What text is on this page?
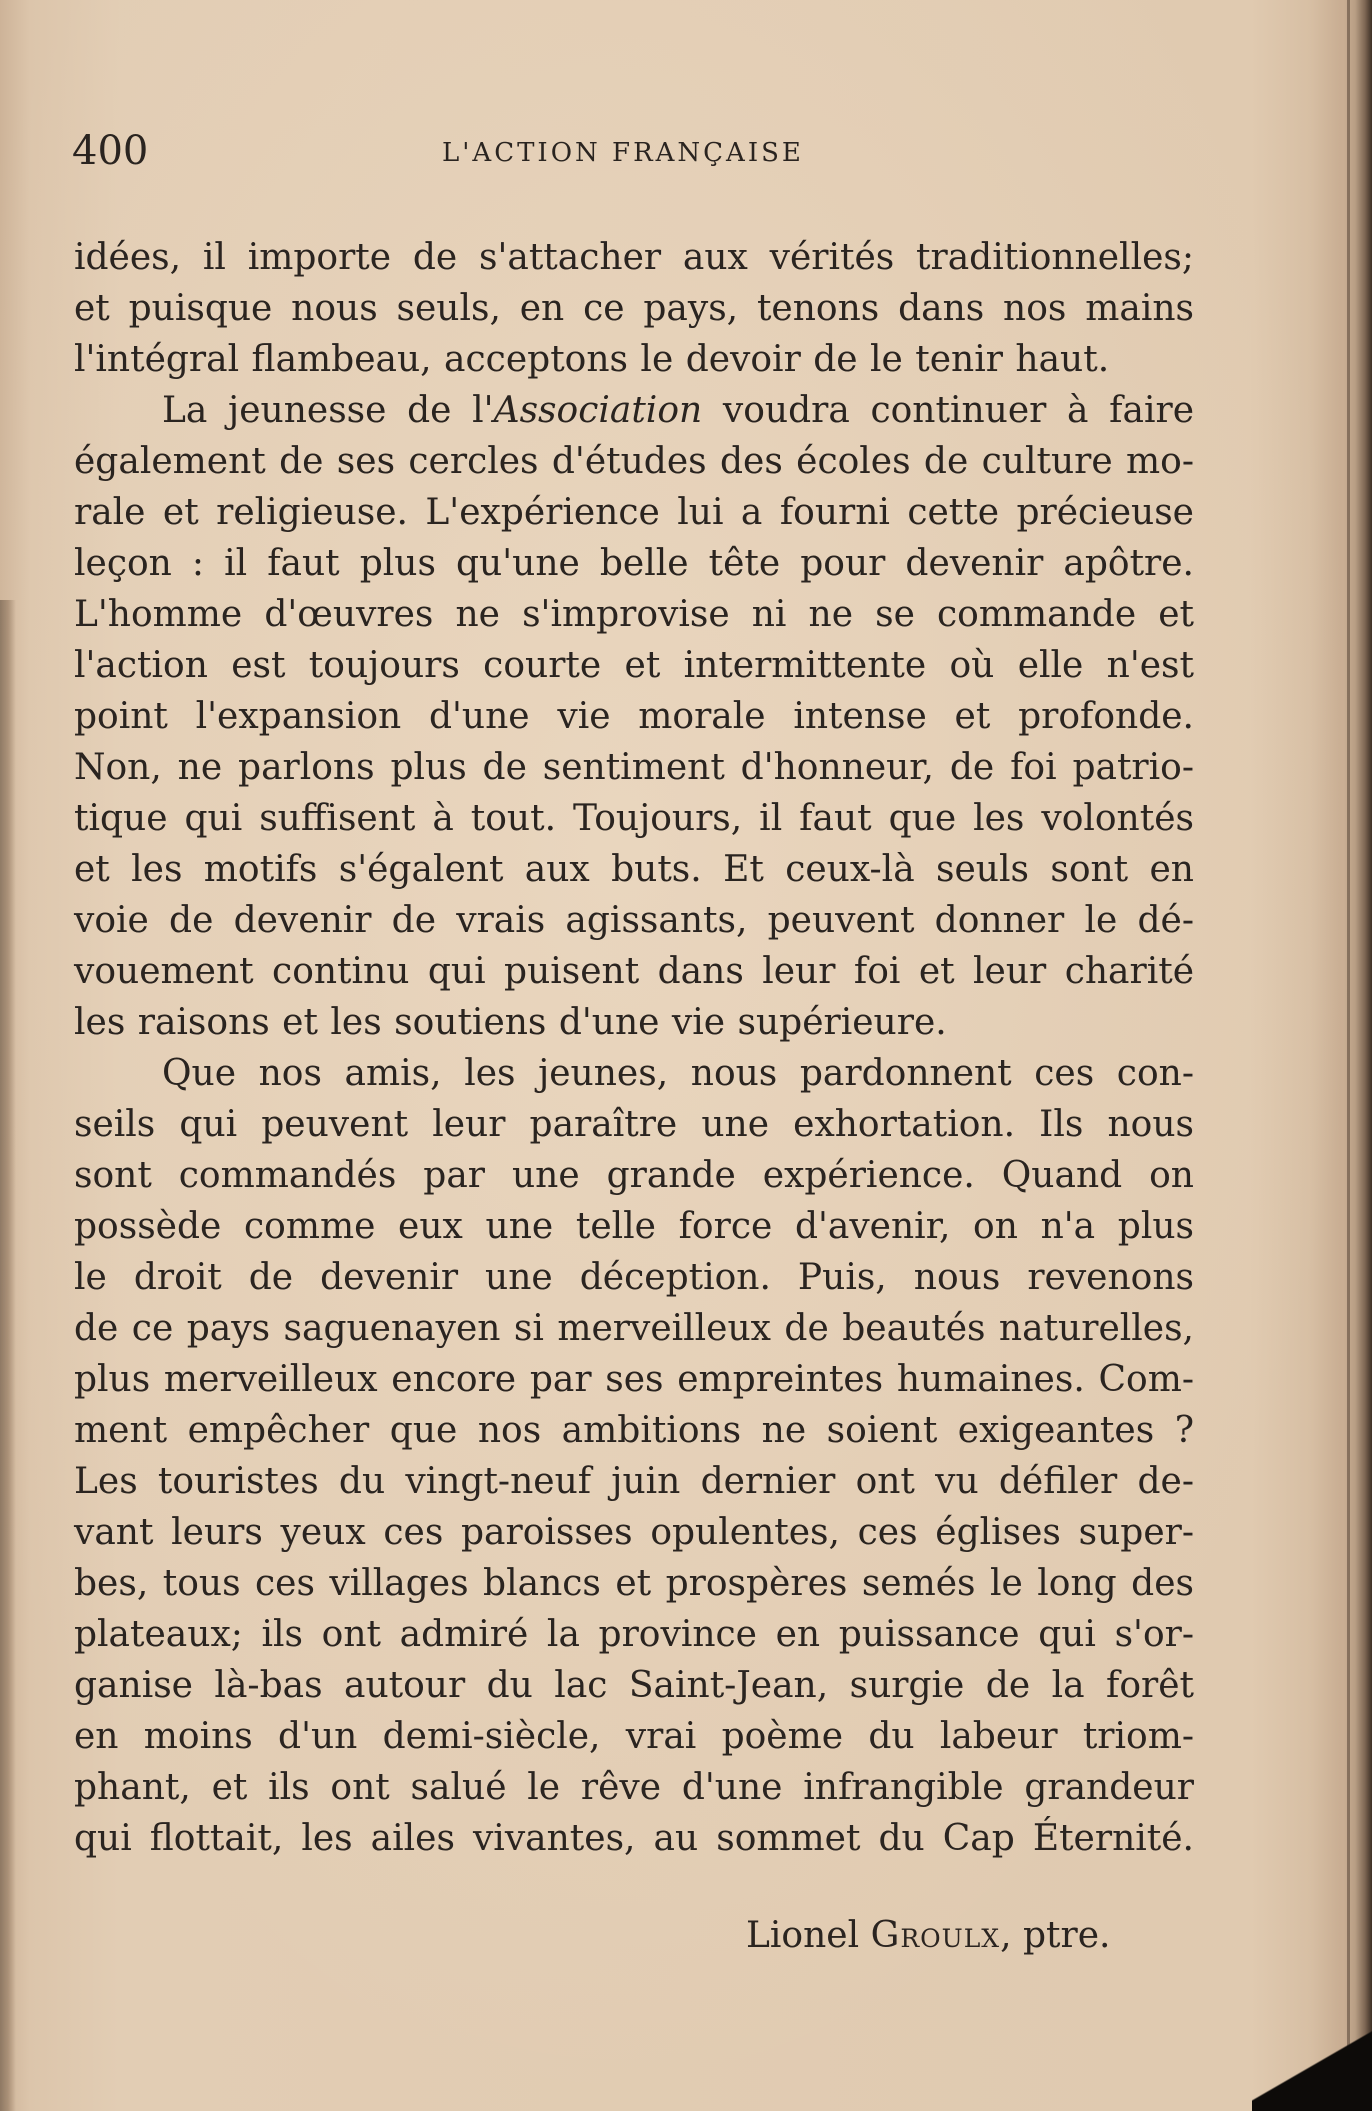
400	L'ACTION FRANÇAISE
idées, il importe de s'attacher aux vérités traditionnelles;
et puisque nous seuls, en ce pays, tenons dans nos mains
l'intégral flambeau, acceptons le devoir de le tenir haut.
La jeunesse de l'Association voudra continuer à faire
également de ses cercles d'études des écoles de culture mo-
rale et religieuse. L'expérience lui a fourni cette précieuse
leçon : il faut plus qu'une belle tête pour devenir apôtre.
L'homme d'œuvres ne s'improvise ni ne se commande et
l'action est toujours courte et intermittente où elle n'est
point l'expansion d'une vie morale intense et profonde.
Non, ne parlons plus de sentiment d'honneur, de foi patrio-
tique qui suffisent à tout. Toujours, il faut que les volontés
et les motifs s'égalent aux buts. Et ceux-là seuls sont en
voie de devenir de vrais agissants, peuvent donner le dé-
vouement continu qui puisent dans leur foi et leur charité
les raisons et les soutiens d'une vie supérieure.
Que nos amis, les jeunes, nous pardonnent ces con-
seils qui peuvent leur paraître une exhortation. Ils nous
sont commandés par une grande expérience. Quand on
possède comme eux une telle force d'avenir, on n'a plus
le droit de devenir une déception. Puis, nous revenons
de ce pays saguenayen si merveilleux de beautés naturelles,
plus merveilleux encore par ses empreintes humaines. Com-
ment empêcher que nos ambitions ne soient exigeantes ?
Les touristes du vingt-neuf juin dernier ont vu défiler de-
vant leurs yeux ces paroisses opulentes, ces églises super-
bes, tous ces villages blancs et prospères semés le long des
plateaux; ils ont admiré la province en puissance qui s'or-
ganise là-bas autour du lac Saint-Jean, surgie de la forêt
en moins d'un demi-siècle, vrai poème du labeur triom-
phant, et ils ont salué le rêve d'une infrangible grandeur
qui flottait, les ailes vivantes, au sommet du Cap Éternité.
Lionel Groulx, ptre.
